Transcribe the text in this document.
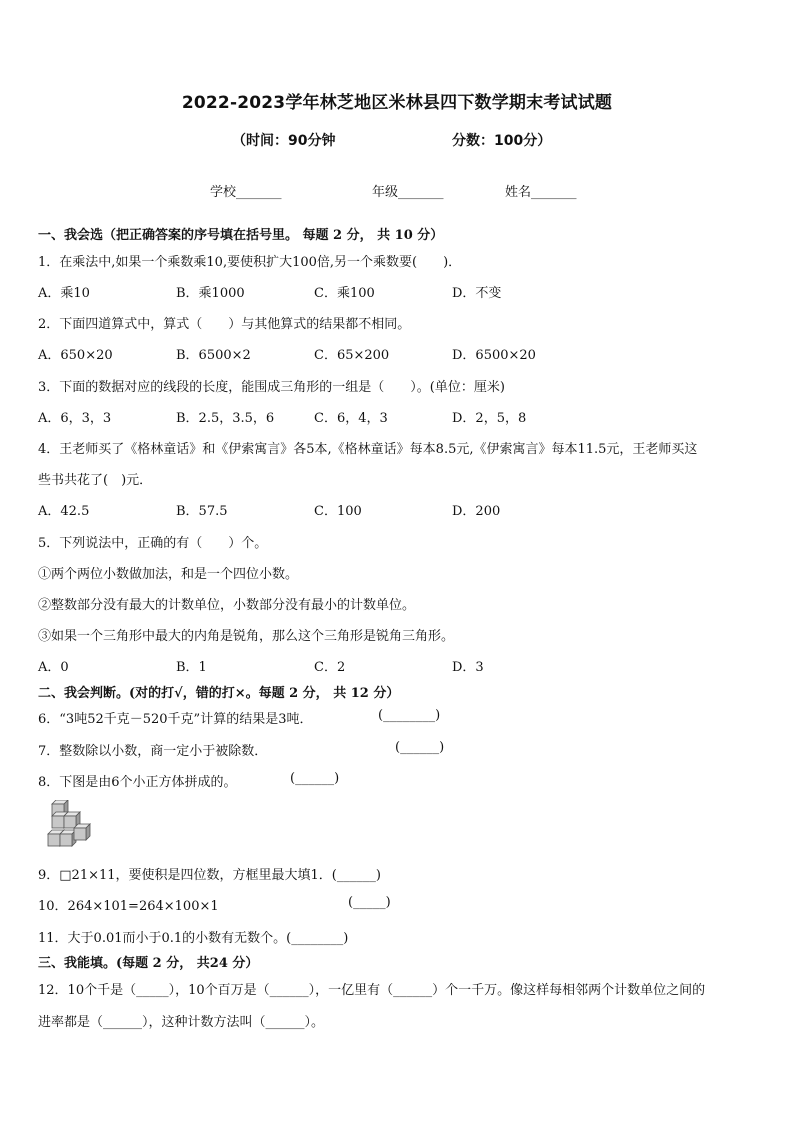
2022-2023学年林芝地区米林县四下数学期末考试试题
（时间：90分钟	分数：100分）
学校_______	年级_______	姓名_______
一、我会选（把正确答案的序号填在括号里。 每题 2 分， 共 10 分）
1．在乘法中,如果一个乘数乘10,要使积扩大100倍,另一个乘数要(　　)．
A．乘10	B．乘1000	C．乘100	D．不变
2．下面四道算式中，算式（　　）与其他算式的结果都不相同。
A．650×20	B．6500×2	C．65×200	D．6500×20
3．下面的数据对应的线段的长度，能围成三角形的一组是（　　）。(单位：厘米)
A．6，3，3	B．2.5，3.5，6	C．6，4，3	D．2，5，8
4．王老师买了《格林童话》和《伊索寓言》各5本,《格林童话》每本8.5元,《伊索寓言》每本11.5元，王老师买这
些书共花了(　)元．
A．42.5	B．57.5	C．100	D．200
5．下列说法中，正确的有（　　）个。
①两个两位小数做加法，和是一个四位小数。
②整数部分没有最大的计数单位，小数部分没有最小的计数单位。
③如果一个三角形中最大的内角是锐角，那么这个三角形是锐角三角形。
A．0	B．1	C．2	D．3
二、我会判断。(对的打√，错的打×。每题 2 分， 共 12 分）
6．“3吨52千克－520千克”计算的结果是3吨．	(________)
7．整数除以小数，商一定小于被除数．	(______)
8．下图是由6个小正方体拼成的。	(______)
9．□21×11，要使积是四位数，方框里最大填1．(______)
10．264×101=264×100×1	(_____)
11．大于0.01而小于0.1的小数有无数个。(________)
三、我能填。(每题 2 分， 共24 分）
12．10个千是（_____），10个百万是（______），一亿里有（______）个一千万。像这样每相邻两个计数单位之间的
进率都是（______），这种计数方法叫（______）。
